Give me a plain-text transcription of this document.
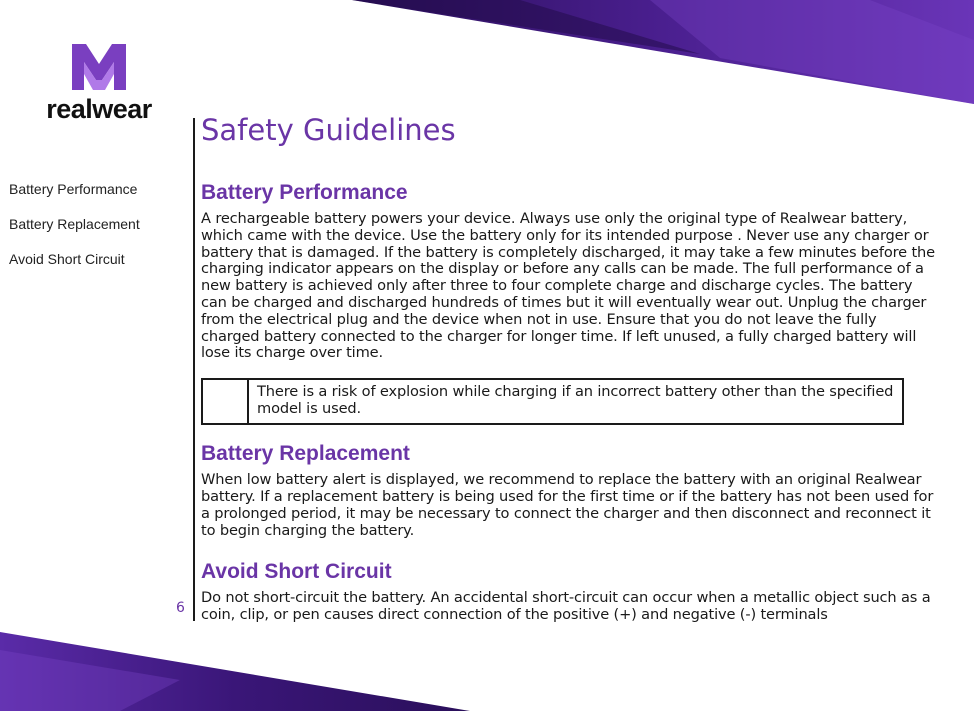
realwear
Battery Performance
Battery Replacement
Avoid Short Circuit
6
Safety Guidelines
Battery Performance

A rechargeable battery powers your device. Always use only the original type of Realwear battery, which came with the device. Use the battery only for its intended purpose . Never use any charger or battery that is damaged. If the battery is completely discharged, it may take a few minutes before the charging indicator appears on the display or before any calls can be made. The full performance of a new battery is achieved only after three to four complete charge and discharge cycles. The battery can be charged and discharged hundreds of times but it will eventually wear out. Unplug the charger from the electrical plug and the device when not in use. Ensure that you do not leave the fully charged battery connected to the charger for longer time. If left unused, a fully charged battery will lose its charge over time.

There is a risk of explosion while charging if an incorrect battery other than the specified model is used.
Battery Replacement

When low battery alert is displayed, we recommend to replace the battery with an original Realwear battery. If a replacement battery is being used for the first time or if the battery has not been used for a prolonged period, it may be necessary to connect the charger and then disconnect and reconnect it to begin charging the battery.

Avoid Short Circuit

Do not short-circuit the battery. An accidental short-circuit can occur when a metallic object such as a coin, clip, or pen causes direct connection of the positive (+) and negative (-) terminals
